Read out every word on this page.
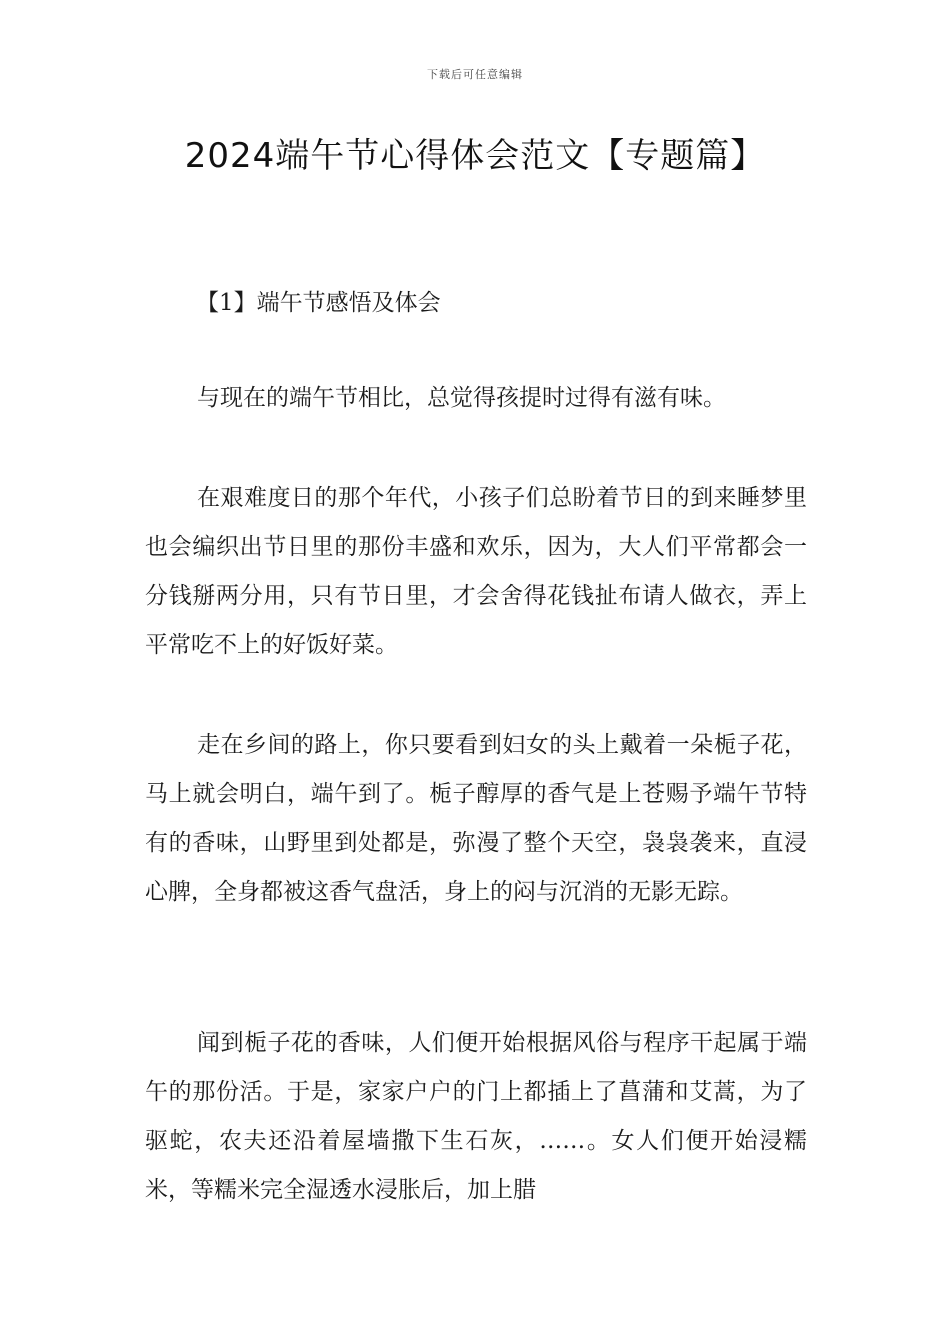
下载后可任意编辑
2024端午节心得体会范文【专题篇】
【1】端午节感悟及体会

与现在的端午节相比，总觉得孩提时过得有滋有味。

在艰难度日的那个年代，小孩子们总盼着节日的到来睡梦里也会编织出节日里的那份丰盛和欢乐，因为，大人们平常都会一分钱掰两分用，只有节日里，才会舍得花钱扯布请人做衣，弄上平常吃不上的好饭好菜。

走在乡间的路上，你只要看到妇女的头上戴着一朵栀子花，马上就会明白，端午到了。栀子醇厚的香气是上苍赐予端午节特有的香味，山野里到处都是，弥漫了整个天空，袅袅袭来，直浸心脾，全身都被这香气盘活，身上的闷与沉消的无影无踪。

闻到栀子花的香味，人们便开始根据风俗与程序干起属于端午的那份活。于是，家家户户的门上都插上了菖蒲和艾蒿，为了驱蛇，农夫还沿着屋墙撒下生石灰，……。女人们便开始浸糯米，等糯米完全湿透水浸胀后，加上腊
